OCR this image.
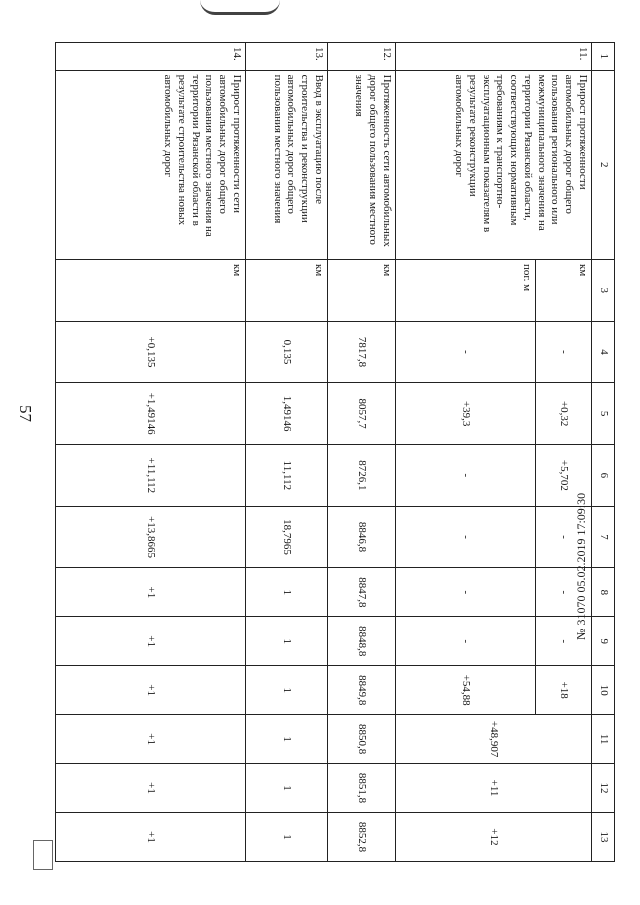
57
1	2	3	4	5	6	7	8	9	10	11	12	13
11.	Прирост протяженности автомобильных дорог общего пользования регионального или межмуниципального значения на территории Рязанской области, соответствующих нормативным требованиям к транспортно-эксплуатационным показателям в результате реконструкции автомобильных дорог	км	-	+0,32	+5,702	-	-	-	+18	+48,907	+11	+12
		пог. м	-	+39,3	-	-	-	-	+54,88			
12.	Протяженность сети автомобильных дорог общего пользования местного значения	км	7817,8	8057,7	8726,1	8846,8	8847,8	8848,8	8849,8	8850,8	8851,8	8852,8
13.	Ввод в эксплуатацию после строительства и реконструкции автомобильных дорог общего пользования местного значения	км	0,135	1,49146	11,112	18,7965	1	1	1	1	1	1
14.	Прирост протяженности сети автомобильных дорог общего пользования местного значения на территории Рязанской области в результате строительства новых автомобильных дорог	км	+0,135	+1,49146	+11,112	+13,8665	+1	+1	+1	+1	+1	+1
№ 31070 05.02.2019 17:09:30
